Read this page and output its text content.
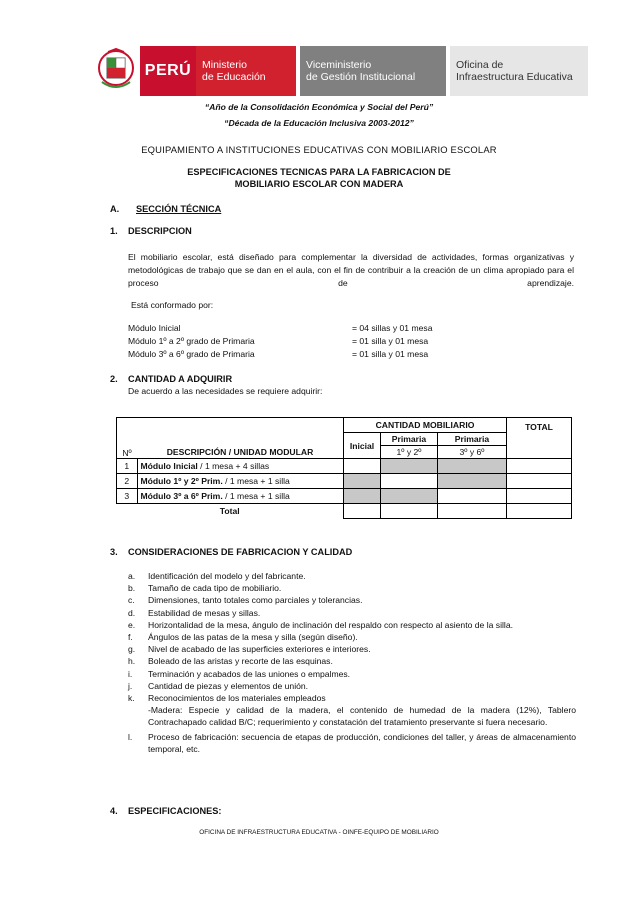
PERÚ	Ministerio
de Educación
Viceministerio
de Gestión Institucional
Oficina de
Infraestructura Educativa
“Año de la Consolidación Económica y Social del Perú”
“Década de la Educación Inclusiva 2003-2012”
EQUIPAMIENTO A INSTITUCIONES EDUCATIVAS CON MOBILIARIO ESCOLAR
ESPECIFICACIONES TECNICAS PARA LA FABRICACION DE
MOBILIARIO ESCOLAR CON MADERA
A. SECCIÓN TÉCNICA
1. DESCRIPCION
El mobiliario escolar, está diseñado para complementar la diversidad de actividades, formas organizativas y metodológicas de trabajo que se dan en el aula, con el fin de contribuir a la creación de un clima apropiado para el proceso de aprendizaje.
Está conformado por:
Módulo Inicial	= 04 sillas y 01 mesa
Módulo 1º a 2º grado de Primaria	= 01 silla y 01 mesa
Módulo 3º a 6º grado de Primaria	= 01 silla y 01 mesa
2. CANTIDAD A ADQUIRIR
De acuerdo a las necesidades se requiere adquirir:
Nº	DESCRIPCIÓN / UNIDAD MODULAR	CANTIDAD MOBILIARIO			TOTAL
		Inicial	Primaria	Primaria	
			1º y 2º	3º y 6º	
1	Módulo Inicial / 1 mesa + 4 sillas				
2	Módulo 1º y 2º Prim. / 1 mesa + 1 silla				
3	Módulo 3º a 6º Prim. / 1 mesa + 1 silla				
Total					
3. CONSIDERACIONES DE FABRICACION Y CALIDAD
a.	Identificación del modelo y del fabricante.
b.	Tamaño de cada tipo de mobiliario.
c.	Dimensiones, tanto totales como parciales y tolerancias.
d.	Estabilidad de mesas y sillas.
e.	Horizontalidad de la mesa, ángulo de inclinación del respaldo con respecto al asiento de la silla.
f.	Ángulos de las patas de la mesa y silla (según diseño).
g.	Nivel de acabado de las superficies exteriores e interiores.
h.	Boleado de las aristas y recorte de las esquinas.
i.	Terminación y acabados de las uniones o empalmes.
j.	Cantidad de piezas y elementos de unión.
k.	Reconocimientos de los materiales empleados
-Madera: Especie y calidad de la madera, el contenido de humedad de la madera (12%), Tablero Contrachapado calidad B/C; requerimiento y constatación del tratamiento preservante si fuera necesario.
l.	Proceso de fabricación: secuencia de etapas de producción, condiciones del taller, y áreas de almacenamiento temporal, etc.
4. ESPECIFICACIONES:
OFICINA DE INFRAESTRUCTURA EDUCATIVA - OINFE-EQUIPO DE MOBILIARIO
